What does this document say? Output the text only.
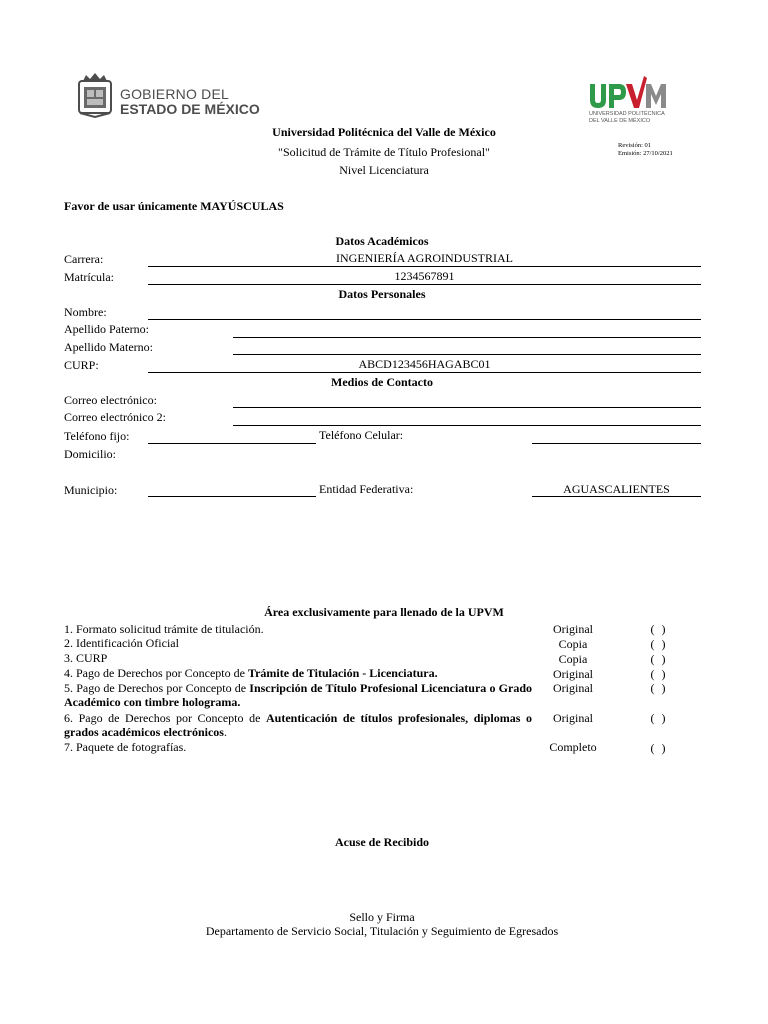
GOBIERNO DEL
ESTADO DE MÉXICO	UNIVERSIDAD POLITÉCNICA
DEL VALLE DE MÉXICO
Universidad Politécnica del Valle de México
"Solicitud de Trámite de Título Profesional"
Nivel Licenciatura
Revisión: 01
Emisión: 27/10/2021
Favor de usar únicamente MAYÚSCULAS
Datos Académicos
Carrera:	INGENIERÍA AGROINDUSTRIAL
Matrícula:	1234567891
Datos Personales
Nombre:
Apellido Paterno:
Apellido Materno:
CURP:	ABCD123456HAGABC01
Medios de Contacto
Correo electrónico:
Correo electrónico 2:
Teléfono fijo:	Teléfono Celular:
Domicilio:
Municipio:	Entidad Federativa:	AGUASCALIENTES
Área exclusivamente para llenado de la UPVM
1. Formato solicitud trámite de titulación.	Original	( )
2. Identificación Oficial	Copia	( )
3. CURP	Copia	( )
4. Pago de Derechos por Concepto de Trámite de Titulación - Licenciatura.	Original	( )
5. Pago de Derechos por Concepto de Inscripción de Título Profesional Licenciatura o Grado Académico con timbre holograma.
Original	( )
6. Pago de Derechos por Concepto de Autenticación de títulos profesionales, diplomas o grados académicos electrónicos.
Original	( )
7. Paquete de fotografías.	Completo	( )
Acuse de Recibido
Sello y Firma
Departamento de Servicio Social, Titulación y Seguimiento de Egresados
